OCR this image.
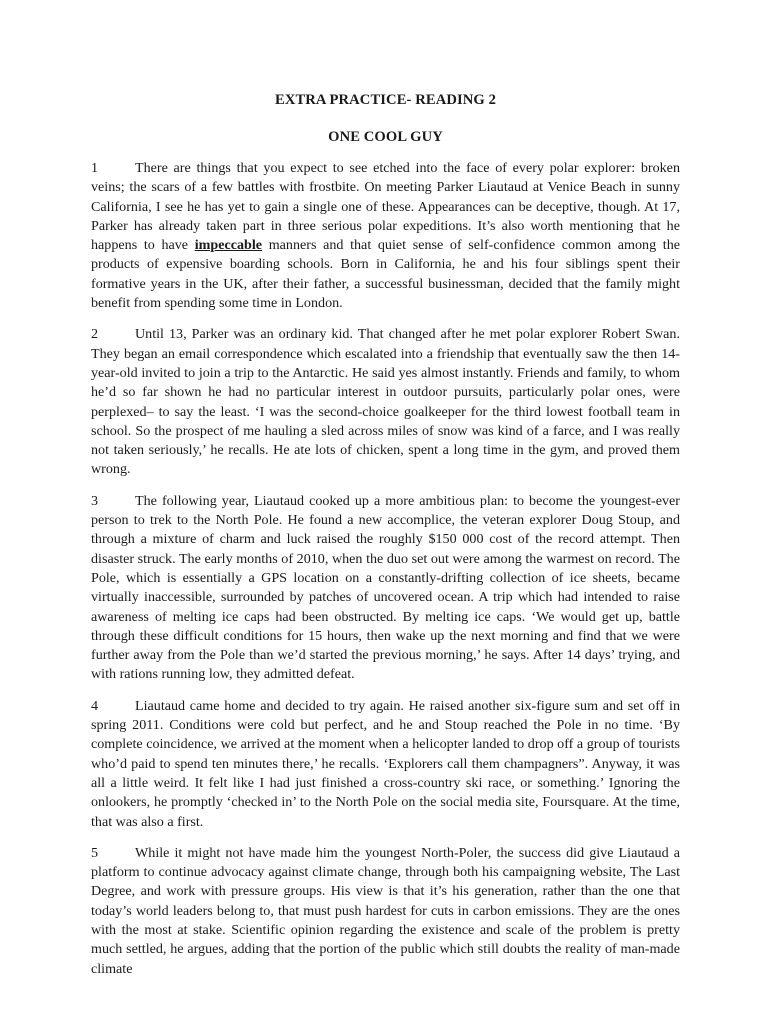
EXTRA PRACTICE- READING 2
ONE COOL GUY

1	There are things that you expect to see etched into the face of every polar explorer: broken veins; the scars of a few battles with frostbite. On meeting Parker Liautaud at Venice Beach in sunny California, I see he has yet to gain a single one of these. Appearances can be deceptive, though. At 17, Parker has already taken part in three serious polar expeditions. It’s also worth mentioning that he happens to have impeccable manners and that quiet sense of self-confidence common among the products of expensive boarding schools. Born in California, he and his four siblings spent their formative years in the UK, after their father, a successful businessman, decided that the family might benefit from spending some time in London.

2	Until 13, Parker was an ordinary kid. That changed after he met polar explorer Robert Swan. They began an email correspondence which escalated into a friendship that eventually saw the then 14-year-old invited to join a trip to the Antarctic. He said yes almost instantly. Friends and family, to whom he’d so far shown he had no particular interest in outdoor pursuits, particularly polar ones, were perplexed– to say the least. ‘I was the second-choice goalkeeper for the third lowest football team in school. So the prospect of me hauling a sled across miles of snow was kind of a farce, and I was really not taken seriously,’ he recalls. He ate lots of chicken, spent a long time in the gym, and proved them wrong.

3	The following year, Liautaud cooked up a more ambitious plan: to become the youngest-ever person to trek to the North Pole. He found a new accomplice, the veteran explorer Doug Stoup, and through a mixture of charm and luck raised the roughly $150 000 cost of the record attempt. Then disaster struck. The early months of 2010, when the duo set out were among the warmest on record. The Pole, which is essentially a GPS location on a constantly-drifting collection of ice sheets, became virtually inaccessible, surrounded by patches of uncovered ocean. A trip which had intended to raise awareness of melting ice caps had been obstructed. By melting ice caps. ‘We would get up, battle through these difficult conditions for 15 hours, then wake up the next morning and find that we were further away from the Pole than we’d started the previous morning,’ he says. After 14 days’ trying, and with rations running low, they admitted defeat.

4	Liautaud came home and decided to try again. He raised another six-figure sum and set off in spring 2011. Conditions were cold but perfect, and he and Stoup reached the Pole in no time. ‘By complete coincidence, we arrived at the moment when a helicopter landed to drop off a group of tourists who’d paid to spend ten minutes there,’ he recalls. ‘Explorers call them champagners”. Anyway, it was all a little weird. It felt like I had just finished a cross-country ski race, or something.’ Ignoring the onlookers, he promptly ‘checked in’ to the North Pole on the social media site, Foursquare. At the time, that was also a first.

5	While it might not have made him the youngest North-Poler, the success did give Liautaud a platform to continue advocacy against climate change, through both his campaigning website, The Last Degree, and work with pressure groups. His view is that it’s his generation, rather than the one that today’s world leaders belong to, that must push hardest for cuts in carbon emissions. They are the ones with the most at stake. Scientific opinion regarding the existence and scale of the problem is pretty much settled, he argues, adding that the portion of the public which still doubts the reality of man-made climate
